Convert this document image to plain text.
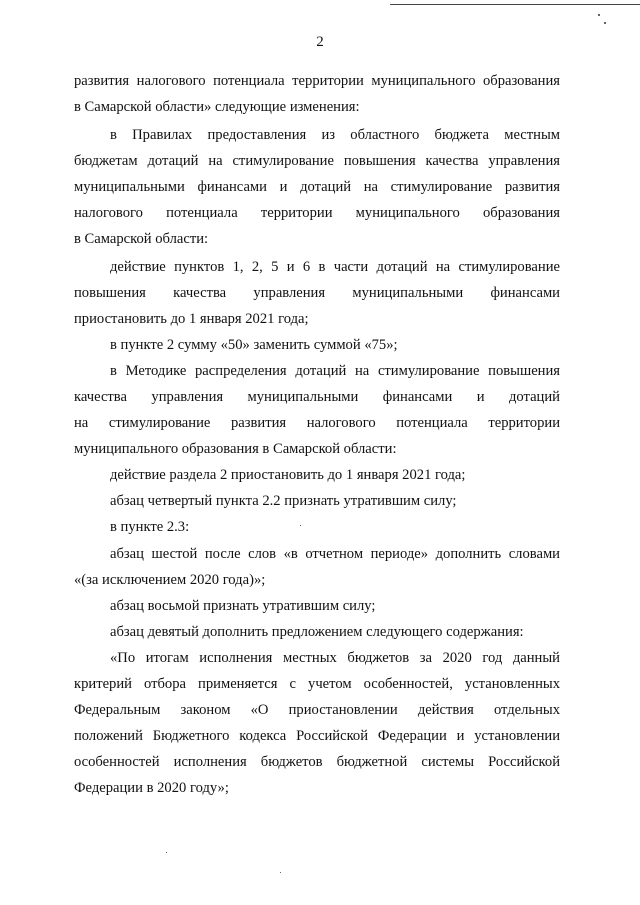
2
развития налогового потенциала территории муниципального образования
в Самарской области» следующие изменения:
в Правилах предоставления из областного бюджета местным
бюджетам дотаций на стимулирование повышения качества управления
муниципальными финансами и дотаций на стимулирование развития
налогового потенциала территории муниципального образования
в Самарской области:
действие пунктов 1, 2, 5 и 6 в части дотаций на стимулирование
повышения качества управления муниципальными финансами
приостановить до 1 января 2021 года;
в пункте 2 сумму «50» заменить суммой «75»;
в Методике распределения дотаций на стимулирование повышения
качества управления муниципальными финансами и дотаций
на стимулирование развития налогового потенциала территории
муниципального образования в Самарской области:
действие раздела 2 приостановить до 1 января 2021 года;
абзац четвертый пункта 2.2 признать утратившим силу;
в пункте 2.3:
абзац шестой после слов «в отчетном периоде» дополнить словами
«(за исключением 2020 года)»;
абзац восьмой признать утратившим силу;
абзац девятый дополнить предложением следующего содержания:
«По итогам исполнения местных бюджетов за 2020 год данный
критерий отбора применяется с учетом особенностей, установленных
Федеральным законом «О приостановлении действия отдельных
положений Бюджетного кодекса Российской Федерации и установлении
особенностей исполнения бюджетов бюджетной системы Российской
Федерации в 2020 году»;
